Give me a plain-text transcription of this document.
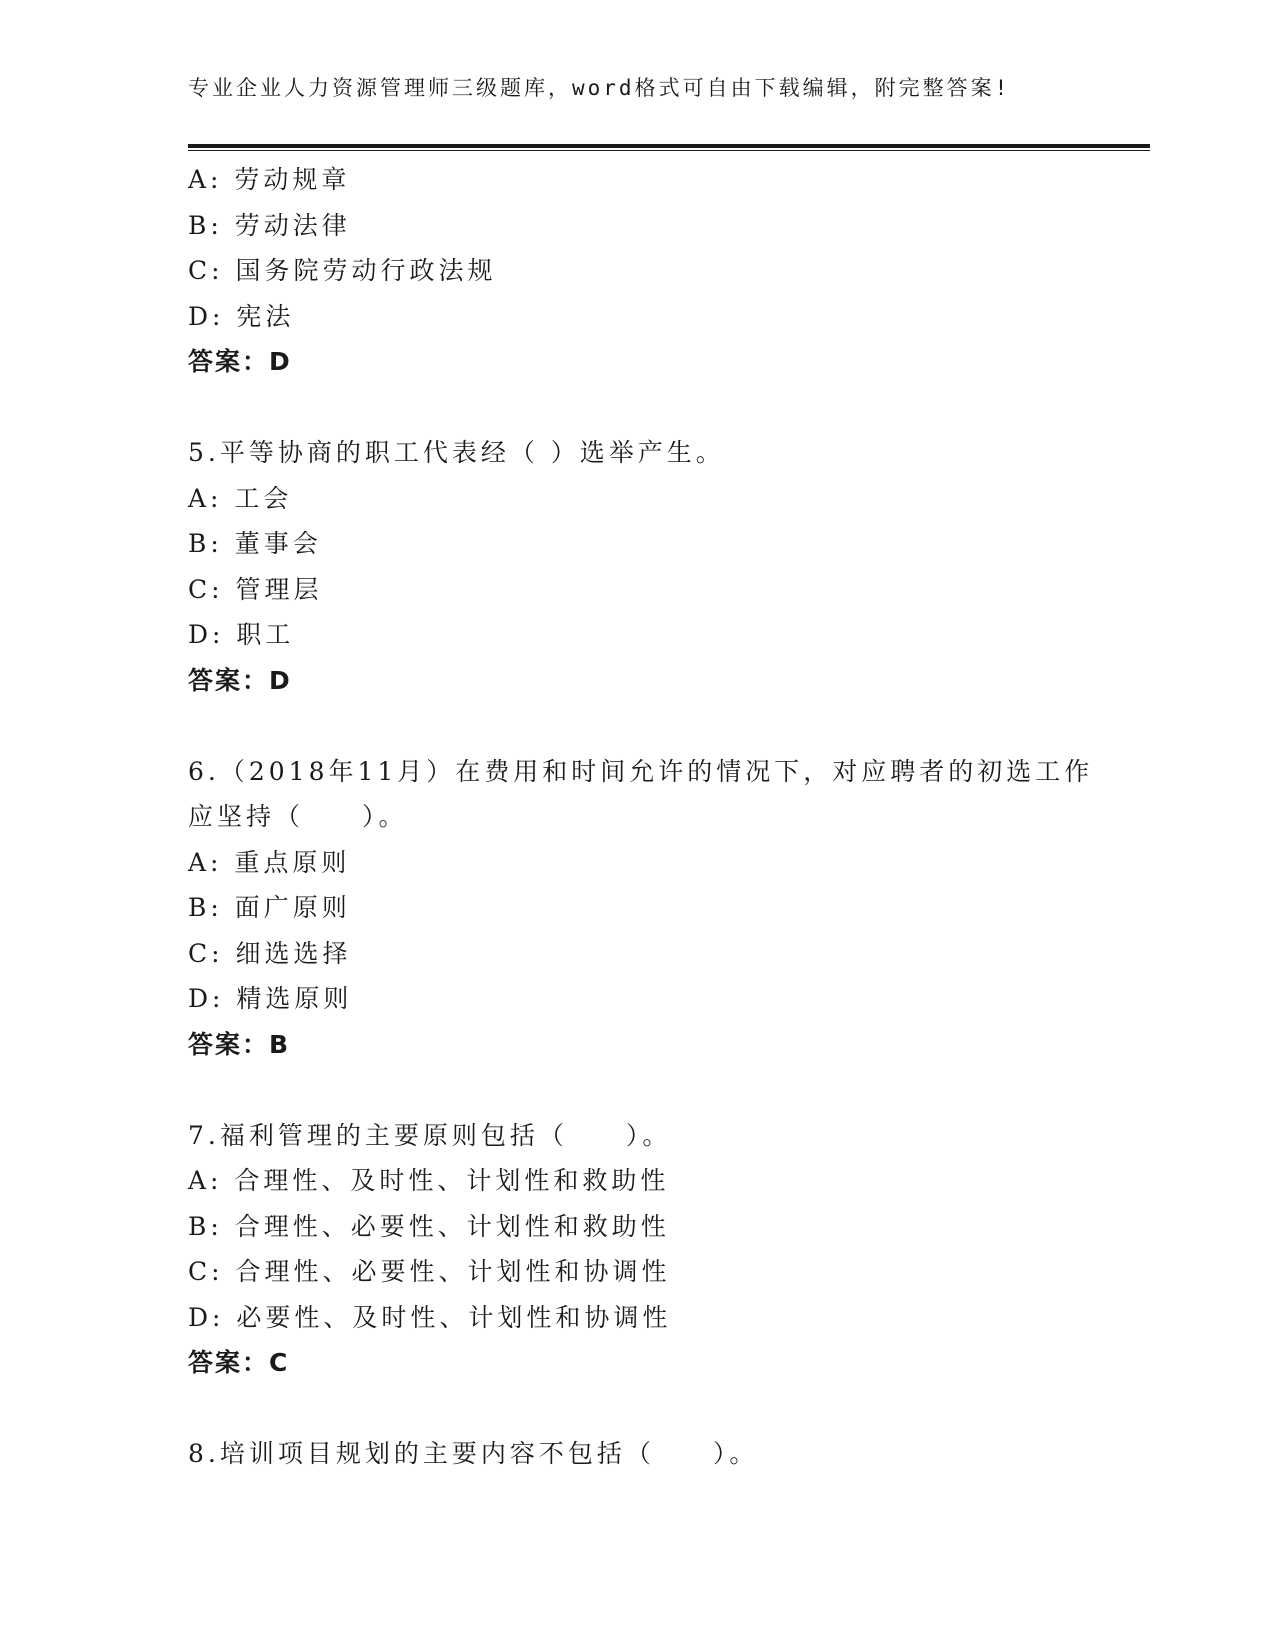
专业企业人力资源管理师三级题库，word格式可自由下载编辑，附完整答案!
A: 劳动规章
B: 劳动法律
C: 国务院劳动行政法规
D: 宪法
答案：D
5.平等协商的职工代表经（ ）选举产生。
A: 工会
B: 董事会
C: 管理层
D: 职工
答案：D
6.（2018年11月）在费用和时间允许的情况下，对应聘者的初选工作
应坚持（　　）。
A: 重点原则
B: 面广原则
C: 细选选择
D: 精选原则
答案：B
7.福利管理的主要原则包括（　　）。
A: 合理性、及时性、计划性和救助性
B: 合理性、必要性、计划性和救助性
C: 合理性、必要性、计划性和协调性
D: 必要性、及时性、计划性和协调性
答案：C
8.培训项目规划的主要内容不包括（　　）。
